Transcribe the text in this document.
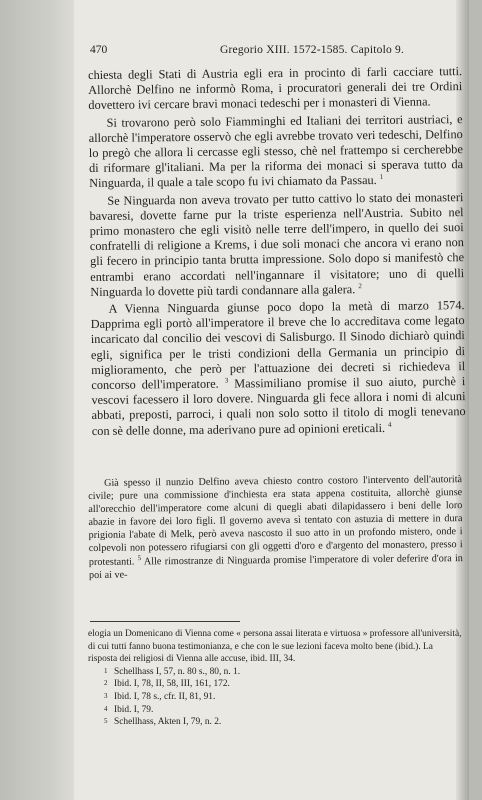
470	Gregorio XIII. 1572-1585. Capitolo 9.

chiesta degli Stati di Austria egli era in procinto di farli cacciare tutti. Allorchè Delfino ne informò Roma, i procuratori generali dei tre Ordini dovettero ivi cercare bravi monaci tedeschi per i monasteri di Vienna.

Si trovarono però solo Fiamminghi ed Italiani dei territori austriaci, e allorchè l'imperatore osservò che egli avrebbe trovato veri tedeschi, Delfino lo pregò che allora li cercasse egli stesso, chè nel frattempo si cercherebbe di riformare gl'italiani. Ma per la riforma dei monaci si sperava tutto da Ninguarda, il quale a tale scopo fu ivi chiamato da Passau. $^1$

Se Ninguarda non aveva trovato per tutto cattivo lo stato dei monasteri bavaresi, dovette farne pur la triste esperienza nell'Austria. Subito nel primo monastero che egli visitò nelle terre dell'impero, in quello dei suoi confratelli di religione a Krems, i due soli monaci che ancora vi erano non gli fecero in principio tanta brutta impressione. Solo dopo si manifestò che entrambi erano accordati nell'ingannare il visitatore; uno di quelli Ninguarda lo dovette più tardi condannare alla galera. $^2$

A Vienna Ninguarda giunse poco dopo la metà di marzo 1574. Dapprima egli portò all'imperatore il breve che lo accreditava come legato incaricato dal concilio dei vescovi di Salisburgo. Il Sinodo dichiarò quindi egli, significa per le tristi condizioni della Germania un principio di miglioramento, che però per l'attuazione dei decreti si richiedeva il concorso dell'imperatore. $^3$ Massimiliano promise il suo aiuto, purchè i vescovi facessero il loro dovere. Ninguarda gli fece allora i nomi di alcuni abbati, preposti, parroci, i quali non solo sotto il titolo di mogli tenevano con sè delle donne, ma aderivano pure ad opinioni ereticali. $^4$

Già spesso il nunzio Delfino aveva chiesto contro costoro l'intervento dell'autorità civile; pure una commissione d'inchiesta era stata appena costituita, allorchè giunse all'orecchio dell'imperatore come alcuni di quegli abati dilapidassero i beni delle loro abazie in favore dei loro figli. Il governo aveva sì tentato con astuzia di mettere in dura prigionia l'abate di Melk, però aveva nascosto il suo atto in un profondo mistero, onde i colpevoli non potessero rifugiarsi con gli oggetti d'oro e d'argento del monastero, presso i protestanti. $^5$ Alle rimostranze di Ninguarda promise l'imperatore di voler deferire d'ora in poi ai ve-

elogia un Domenicano di Vienna come « persona assai literata e virtuosa » professore all'università, di cui tutti fanno buona testimonianza, e che con le sue lezioni faceva molto bene (ibid.). La risposta dei religiosi di Vienna alle accuse, ibid. III, 34.

1 Schellhass I, 57, n. 80 s., 80, n. 1.

2 Ibid. I, 78, II, 58, III, 161, 172.

3 Ibid. I, 78 s., cfr. II, 81, 91.

4 Ibid. I, 79.

5 Schellhass, Akten I, 79, n. 2.
